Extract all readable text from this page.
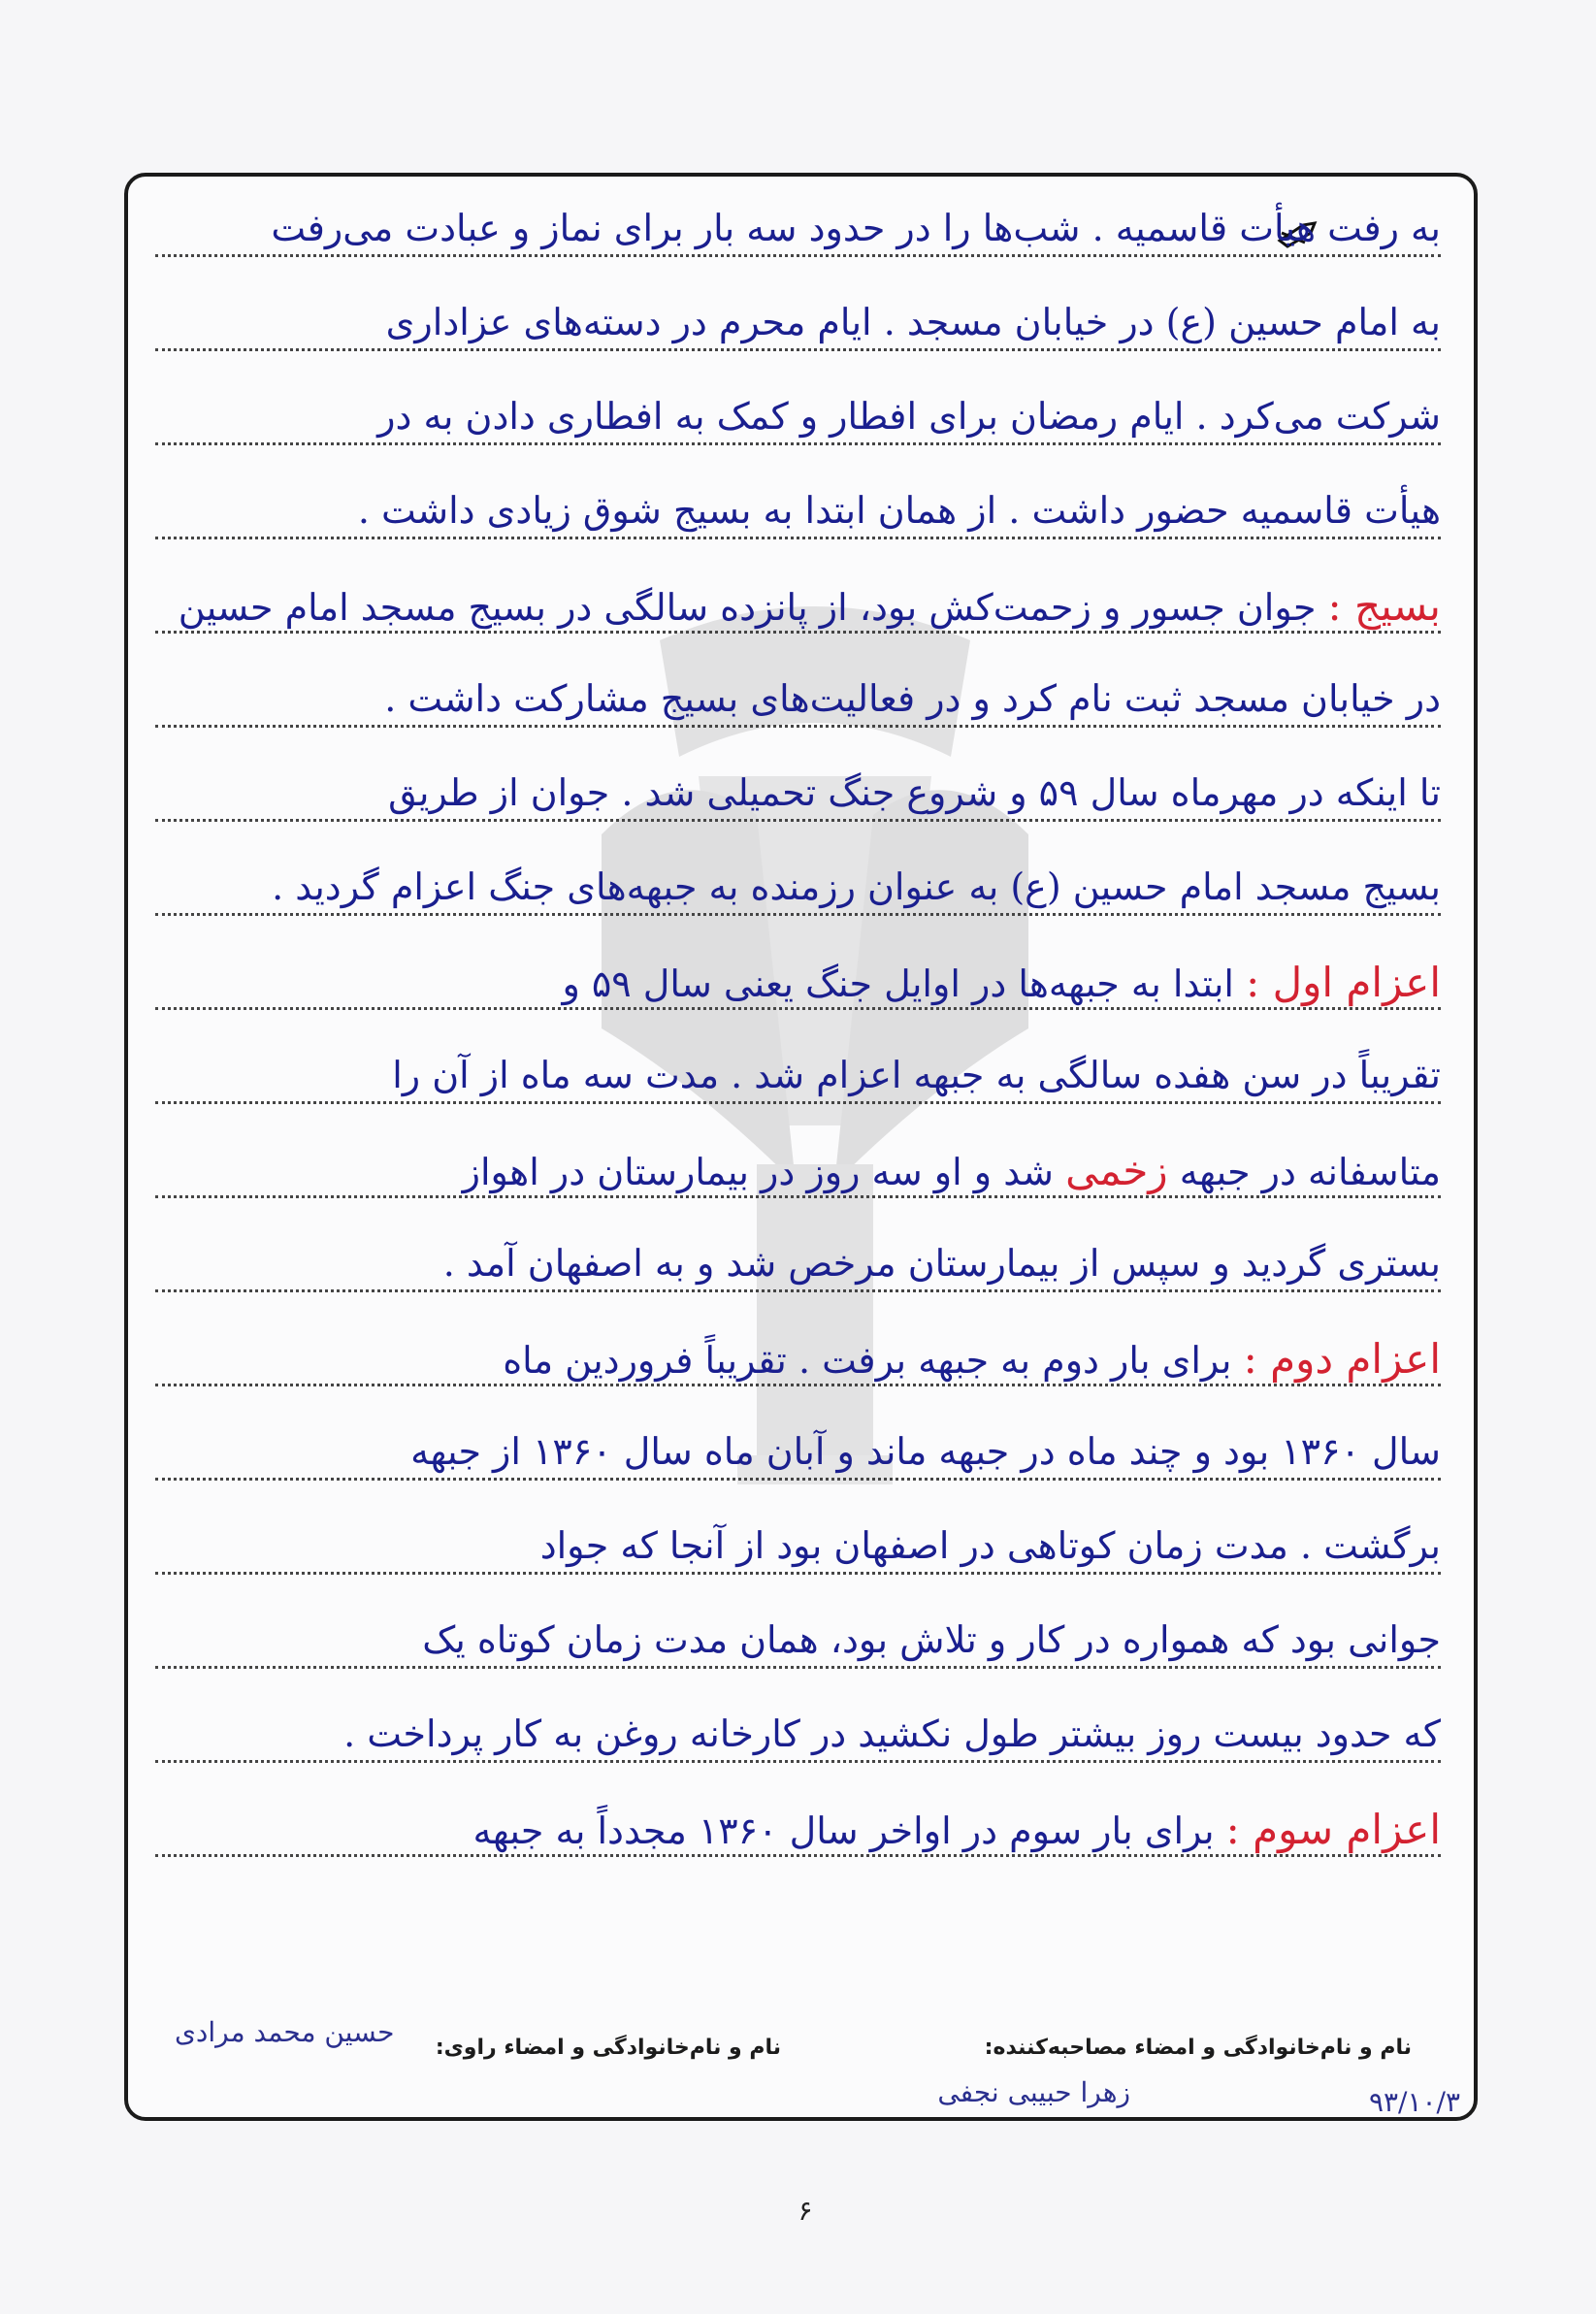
به رفت هیأت قاسمیه . شب‌ها را در حدود سه بار برای نماز و عبادت می‌رفت
به امام حسین (ع) در خیابان مسجد . ایام محرم در دسته‌های عزاداری
شرکت می‌کرد . ایام رمضان برای افطار و کمک به افطاری دادن به در
هیأت قاسمیه حضور داشت . از همان ابتدا به بسیج شوق زیادی داشت .
بسیج : جوان جسور و زحمت‌کش بود، از پانزده سالگی در بسیج مسجد امام حسین
در خیابان مسجد ثبت نام کرد و در فعالیت‌های بسیج مشارکت داشت .
تا اینکه در مهرماه سال ۵۹ و شروع جنگ تحمیلی شد . جوان از طریق
بسیج مسجد امام حسین (ع) به عنوان رزمنده به جبهه‌های جنگ اعزام گردید .
اعزام اول : ابتدا به جبهه‌ها در اوایل جنگ یعنی سال ۵۹ و
تقریباً در سن هفده سالگی به جبهه اعزام شد . مدت سه ماه از آن را
متاسفانه در جبهه زخمی شد و او سه روز در بیمارستان در اهواز
بستری گردید و سپس از بیمارستان مرخص شد و به اصفهان آمد .
اعزام دوم : برای بار دوم به جبهه برفت . تقریباً فروردین ماه
سال ۱۳۶۰ بود و چند ماه در جبهه ماند و آبان ماه سال ۱۳۶۰ از جبهه
برگشت . مدت زمان کوتاهی در اصفهان بود از آنجا که جواد
جوانی بود که همواره در کار و تلاش بود، همان مدت زمان کوتاه یک
که حدود بیست روز بیشتر طول نکشید در کارخانه روغن به کار پرداخت .
اعزام سوم : برای بار سوم در اواخر سال ۱۳۶۰ مجدداً به جبهه
نام و نام‌خانوادگی و امضاء مصاحبه‌کننده:
نام و نام‌خانوادگی و امضاء راوی:
زهرا حبیبی نجفی	۹۳/۱۰/۳
حسین محمد مرادی
۶
